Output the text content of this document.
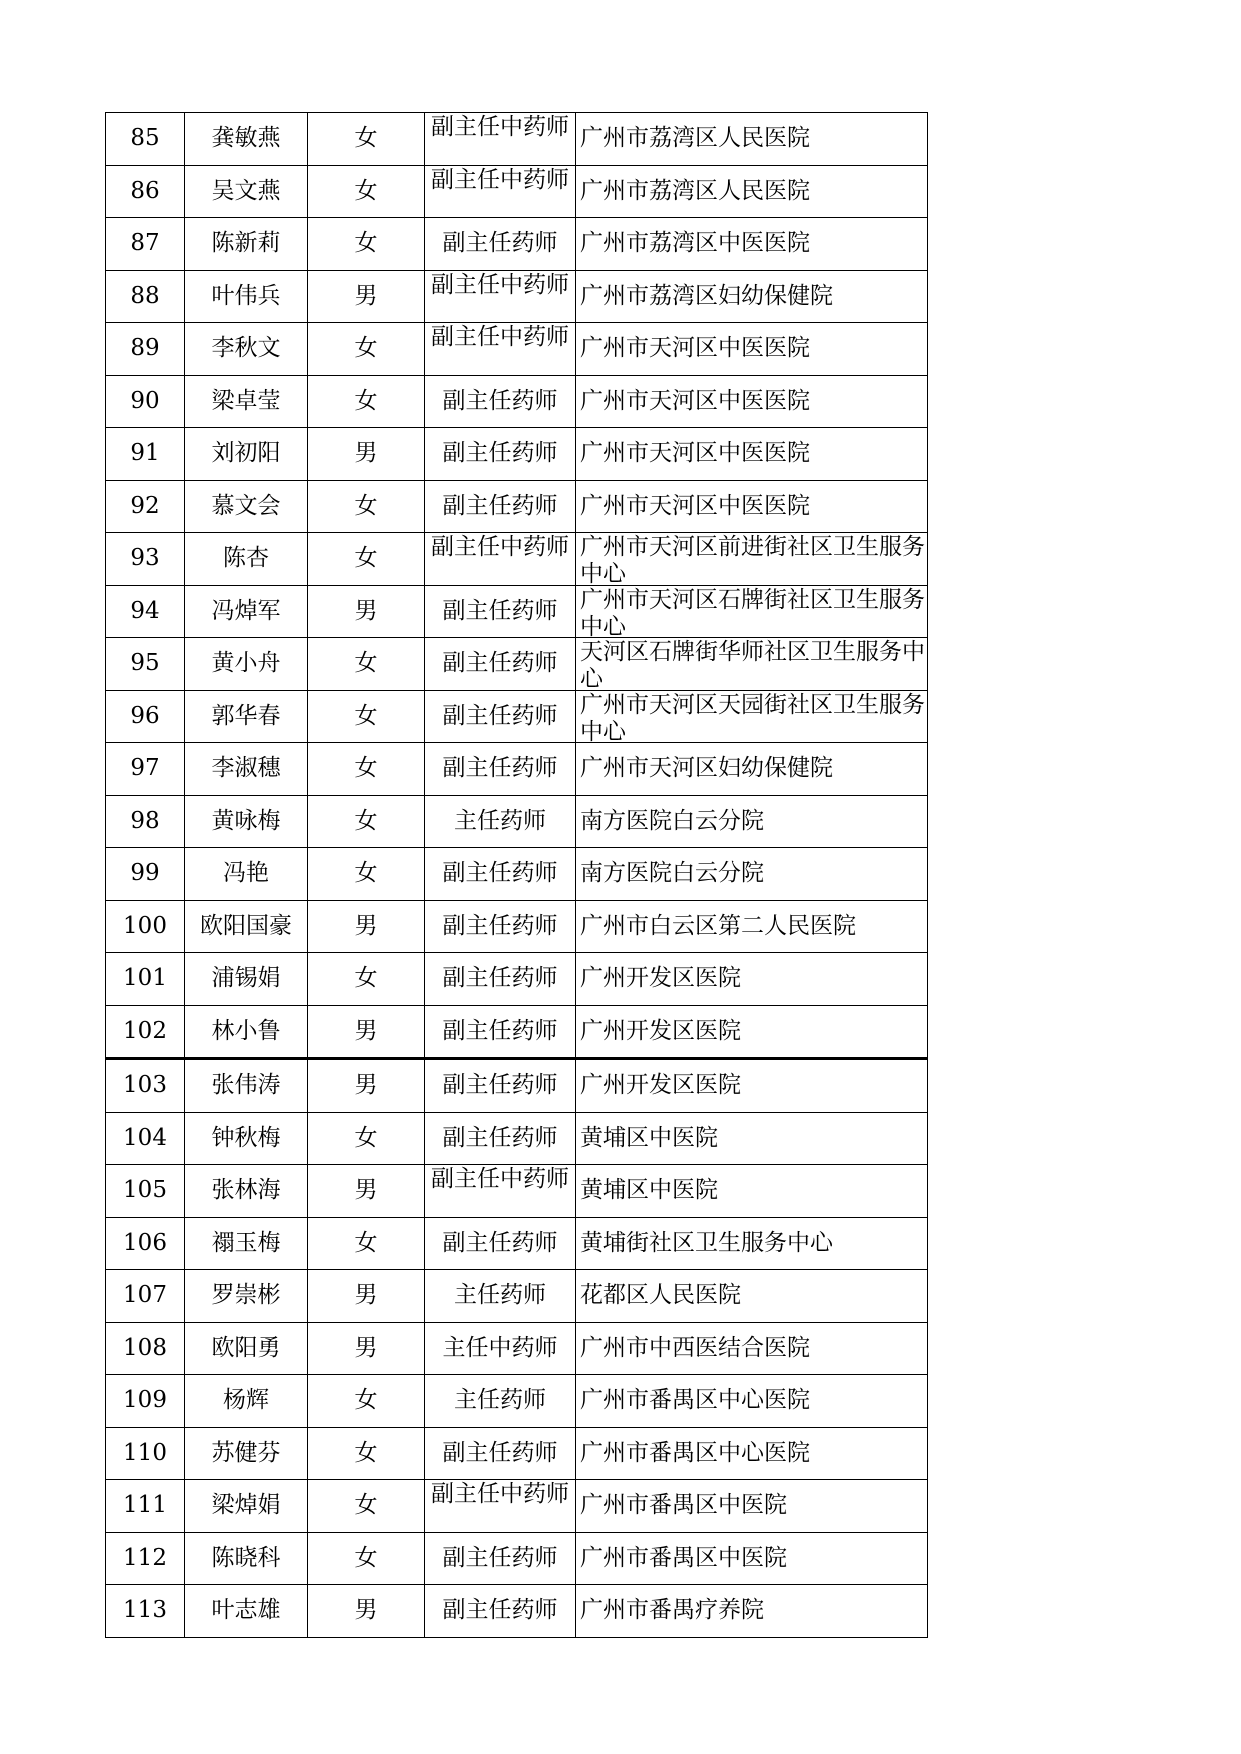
85	龚敏燕	女	副主任中药师	广州市荔湾区人民医院

86	吴文燕	女	副主任中药师	广州市荔湾区人民医院

87	陈新莉	女	副主任药师	广州市荔湾区中医医院

88	叶伟兵	男	副主任中药师	广州市荔湾区妇幼保健院

89	李秋文	女	副主任中药师	广州市天河区中医医院

90	梁卓莹	女	副主任药师	广州市天河区中医医院

91	刘初阳	男	副主任药师	广州市天河区中医医院

92	慕文会	女	副主任药师	广州市天河区中医医院

93	陈杏	女	副主任中药师	广州市天河区前进街社区卫生服务中心

94	冯焯军	男	副主任药师	广州市天河区石牌街社区卫生服务中心

95	黄小舟	女	副主任药师	天河区石牌街华师社区卫生服务中心

96	郭华春	女	副主任药师	广州市天河区天园街社区卫生服务中心

97	李淑穗	女	副主任药师	广州市天河区妇幼保健院

98	黄咏梅	女	主任药师	南方医院白云分院

99	冯艳	女	副主任药师	南方医院白云分院

100	欧阳国豪	男	副主任药师	广州市白云区第二人民医院

101	浦锡娟	女	副主任药师	广州开发区医院

102	林小鲁	男	副主任药师	广州开发区医院

103	张伟涛	男	副主任药师	广州开发区医院

104	钟秋梅	女	副主任药师	黄埔区中医院

105	张林海	男	副主任中药师	黄埔区中医院

106	禤玉梅	女	副主任药师	黄埔街社区卫生服务中心

107	罗崇彬	男	主任药师	花都区人民医院

108	欧阳勇	男	主任中药师	广州市中西医结合医院

109	杨辉	女	主任药师	广州市番禺区中心医院

110	苏健芬	女	副主任药师	广州市番禺区中心医院

111	梁焯娟	女	副主任中药师	广州市番禺区中医院

112	陈晓科	女	副主任药师	广州市番禺区中医院

113	叶志雄	男	副主任药师	广州市番禺疗养院
